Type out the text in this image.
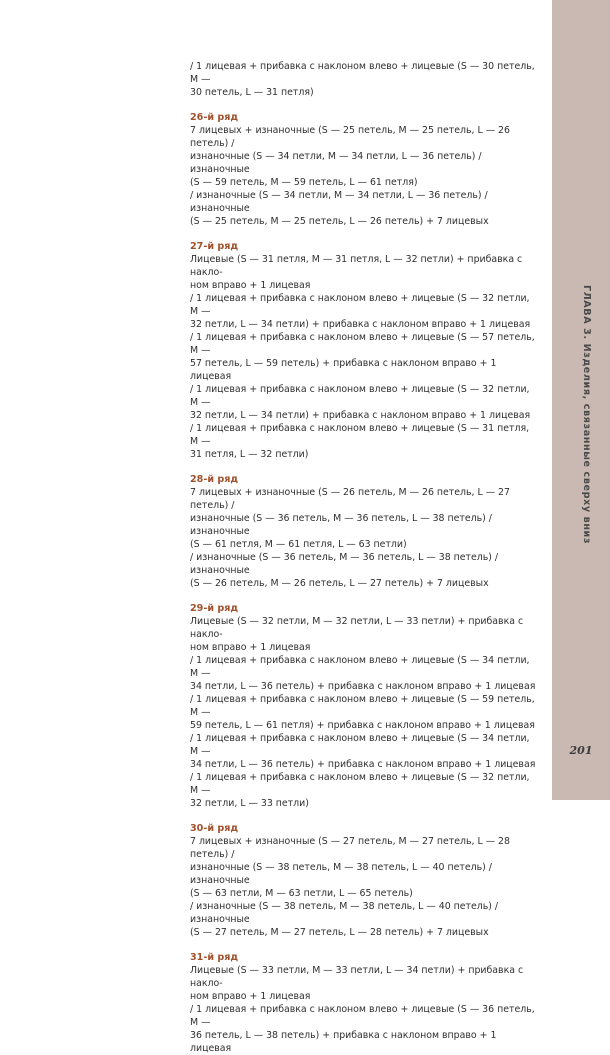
/ 1 лицевая + прибавка с наклоном влево + лицевые (S — 30 петель, M —

30 петель, L — 31 петля)

26-й ряд

7 лицевых + изнаночные (S — 25 петель, M — 25 петель, L — 26 петель) /

изнаночные (S — 34 петли, M — 34 петли, L — 36 петель) / изнаночные

(S — 59 петель, M — 59 петель, L — 61 петля)

/ изнаночные (S — 34 петли, M — 34 петли, L — 36 петель) / изнаночные

(S — 25 петель, M — 25 петель, L — 26 петель) + 7 лицевых

27-й ряд

Лицевые (S — 31 петля, M — 31 петля, L — 32 петли) + прибавка с накло-

ном вправо + 1 лицевая

/ 1 лицевая + прибавка с наклоном влево + лицевые (S — 32 петли, M —

32 петли, L — 34 петли) + прибавка с наклоном вправо + 1 лицевая

/ 1 лицевая + прибавка с наклоном влево + лицевые (S — 57 петель, M —

57 петель, L — 59 петель) + прибавка с наклоном вправо + 1 лицевая

/ 1 лицевая + прибавка с наклоном влево + лицевые (S — 32 петли, M —

32 петли, L — 34 петли) + прибавка с наклоном вправо + 1 лицевая

/ 1 лицевая + прибавка с наклоном влево + лицевые (S — 31 петля, M —

31 петля, L — 32 петли)

28-й ряд

7 лицевых + изнаночные (S — 26 петель, M — 26 петель, L — 27 петель) /

изнаночные (S — 36 петель, M — 36 петель, L — 38 петель) / изнаночные

(S — 61 петля, M — 61 петля, L — 63 петли)

/ изнаночные (S — 36 петель, M — 36 петель, L — 38 петель) / изнаночные

(S — 26 петель, M — 26 петель, L — 27 петель) + 7 лицевых

29-й ряд

Лицевые (S — 32 петли, M — 32 петли, L — 33 петли) + прибавка с накло-

ном вправо + 1 лицевая

/ 1 лицевая + прибавка с наклоном влево + лицевые (S — 34 петли, M —

34 петли, L — 36 петель) + прибавка с наклоном вправо + 1 лицевая

/ 1 лицевая + прибавка с наклоном влево + лицевые (S — 59 петель, M —

59 петель, L — 61 петля) + прибавка с наклоном вправо + 1 лицевая

/ 1 лицевая + прибавка с наклоном влево + лицевые (S — 34 петли, M —

34 петли, L — 36 петель) + прибавка с наклоном вправо + 1 лицевая

/ 1 лицевая + прибавка с наклоном влево + лицевые (S — 32 петли, M —

32 петли, L — 33 петли)

30-й ряд

7 лицевых + изнаночные (S — 27 петель, M — 27 петель, L — 28 петель) /

изнаночные (S — 38 петель, M — 38 петель, L — 40 петель) / изнаночные

(S — 63 петли, M — 63 петли, L — 65 петель)

/ изнаночные (S — 38 петель, M — 38 петель, L — 40 петель) / изнаночные

(S — 27 петель, M — 27 петель, L — 28 петель) + 7 лицевых

31-й ряд

Лицевые (S — 33 петли, M — 33 петли, L — 34 петли) + прибавка с накло-

ном вправо + 1 лицевая

/ 1 лицевая + прибавка с наклоном влево + лицевые (S — 36 петель, M —

36 петель, L — 38 петель) + прибавка с наклоном вправо + 1 лицевая

ГЛАВА 3. Изделия, связанные сверху вниз
201
